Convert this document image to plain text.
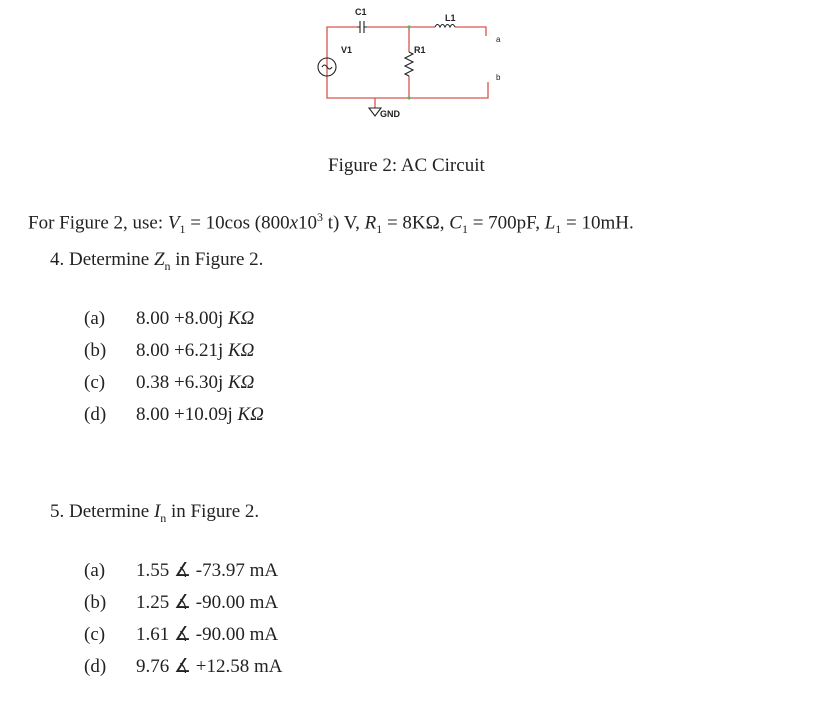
C1
L1
V1	R1
GND
a
b
Figure 2: AC Circuit
For Figure 2, use: $V_1 = 10\cos$ ($800x10^3$ t) V, $R_1 = 8K\Omega$, $C_1 = 700pF$, $L_1 = 10mH$.
4. Determine $Z_n$ in Figure 2.
(a) 8.00 +8.00j KΩ
(b) 8.00 +6.21j KΩ
(c) 0.38 +6.30j KΩ
(d) 8.00 +10.09j KΩ
5. Determine $I_n$ in Figure 2.
(a) 1.55 ∡ -73.97 mA
(b) 1.25 ∡ -90.00 mA
(c) 1.61 ∡ -90.00 mA
(d) 9.76 ∡ +12.58 mA
